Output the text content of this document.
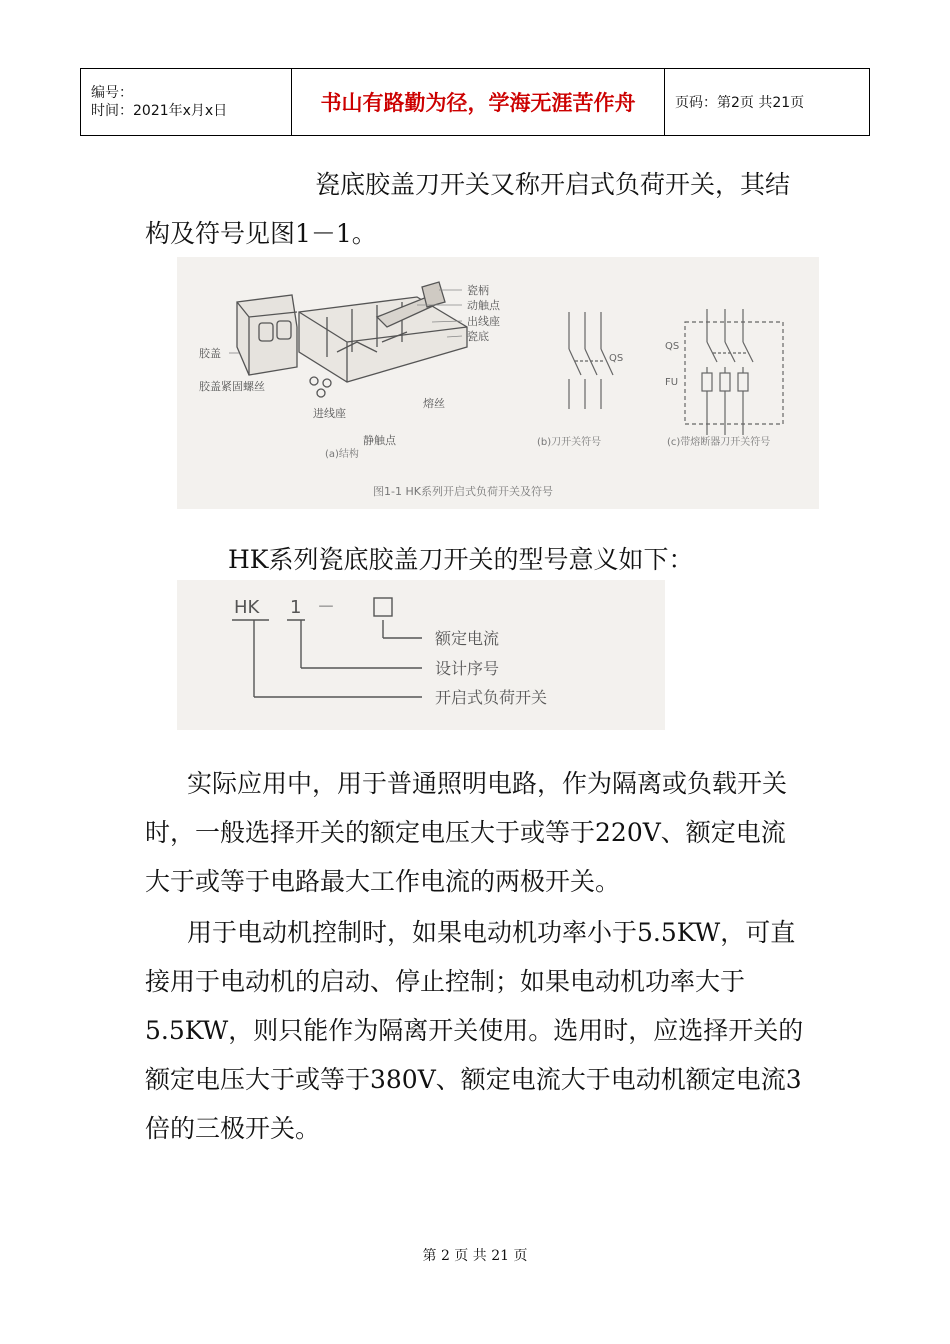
编号：
时间：2021年x月x日	书山有路勤为径，学海无涯苦作舟	页码：第2页 共21页

瓷底胶盖刀开关又称开启式负荷开关，其结
构及符号见图1－1。

瓷柄
动触点
出线座
瓷底
胶盖
胶盖紧固螺丝
进线座
静触点
熔丝
QS
QS
FU
(a)结构
(b)刀开关符号	(c)带熔断器刀开关符号
图1-1 HK系列开启式负荷开关及符号

HK系列瓷底胶盖刀开关的型号意义如下：

HK 1 －
额定电流
设计序号
开启式负荷开关

实际应用中，用于普通照明电路，作为隔离或负载开关
时，一般选择开关的额定电压大于或等于220V、额定电流
大于或等于电路最大工作电流的两极开关。

用于电动机控制时，如果电动机功率小于5.5KW，可直
接用于电动机的启动、停止控制；如果电动机功率大于
5.5KW，则只能作为隔离开关使用。选用时，应选择开关的
额定电压大于或等于380V、额定电流大于电动机额定电流3
倍的三极开关。

第 2 页 共 21 页
